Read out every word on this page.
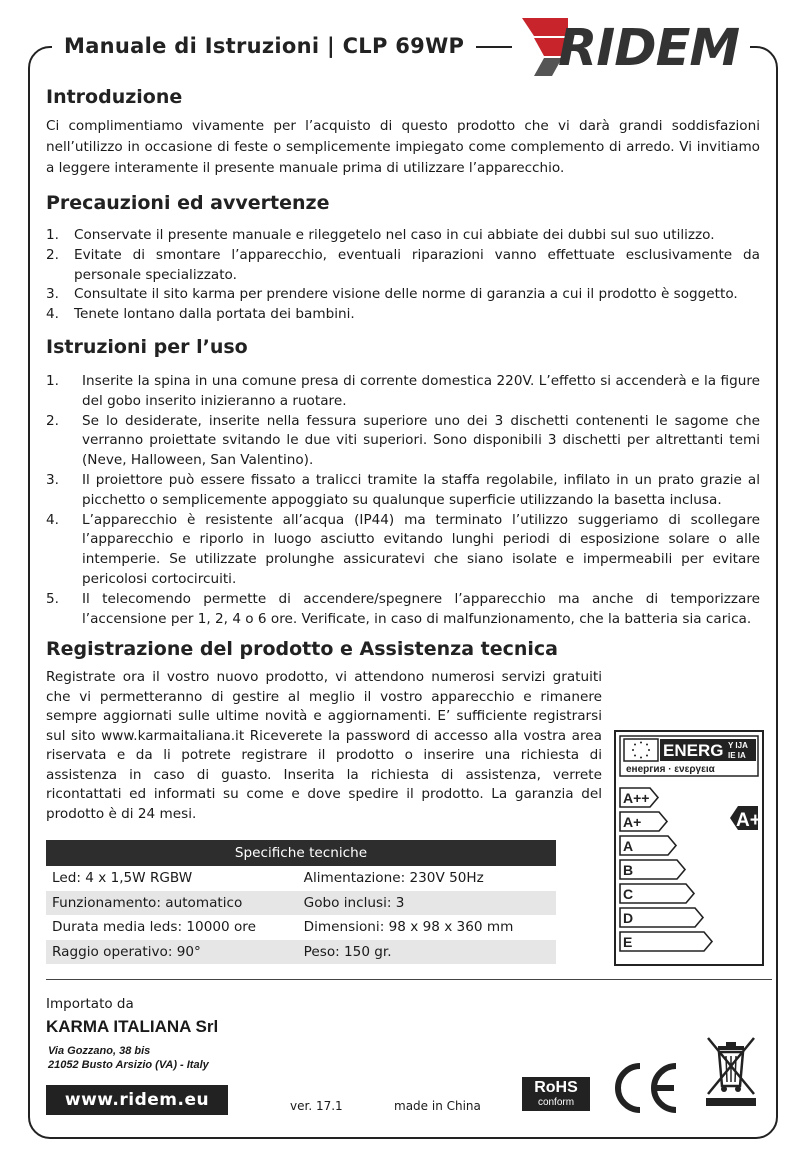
Manuale di Istruzioni | CLP 69WP RIDEM
Introduzione

Ci complimentiamo vivamente per l’acquisto di questo prodotto che vi darà grandi soddisfazioni nell’utilizzo in occasione di feste o semplicemente impiegato come complemento di arredo. Vi invitiamo a leggere interamente il presente manuale prima di utilizzare l’apparecchio.

Precauzioni ed avvertenze
1. Conservate il presente manuale e rileggetelo nel caso in cui abbiate dei dubbi sul suo utilizzo.
2. Evitate di smontare l’apparecchio, eventuali riparazioni vanno effettuate esclusivamente da personale specializzato.
3. Consultate il sito karma per prendere visione delle norme di garanzia a cui il prodotto è soggetto.
4. Tenete lontano dalla portata dei bambini.
Istruzioni per l’uso
1. Inserite la spina in una comune presa di corrente domestica 220V. L’effetto si accenderà e la figure del gobo inserito inizieranno a ruotare.
2. Se lo desiderate, inserite nella fessura superiore uno dei 3 dischetti contenenti le sagome che verranno proiettate svitando le due viti superiori. Sono disponibili 3 dischetti per altrettanti temi (Neve, Halloween, San Valentino).
3. Il proiettore può essere fissato a tralicci tramite la staffa regolabile, infilato in un prato grazie al picchetto o semplicemente appoggiato su qualunque superficie utilizzando la basetta inclusa.
4. L’apparecchio è resistente all’acqua (IP44) ma terminato l’utilizzo suggeriamo di scollegare l’apparecchio e riporlo in luogo asciutto evitando lunghi periodi di esposizione solare o alle intemperie. Se utilizzate prolunghe assicuratevi che siano isolate e impermeabili per evitare pericolosi cortocircuiti.
5. Il telecomendo permette di accendere/spegnere l’apparecchio ma anche di temporizzare l’accensione per 1, 2, 4 o 6 ore. Verificate, in caso di malfunzionamento, che la batteria sia carica.
Registrazione del prodotto e Assistenza tecnica

Registrate ora il vostro nuovo prodotto, vi attendono numerosi servizi gratuiti che vi permetteranno di gestire al meglio il vostro apparecchio e rimanere sempre aggiornati sulle ultime novità e aggiornamenti. E’ sufficiente registrarsi sul sito www.karmaitaliana.it Riceverete la password di accesso alla vostra area riservata e da li potrete registrare il prodotto o inserire una richiesta di assistenza in caso di guasto. Inserita la richiesta di assistenza, verrete ricontattati ed informati su come e dove spedire il prodotto. La garanzia del prodotto è di 24 mesi.

Specifiche tecniche	
Led: 4 x 1,5W RGBW	Alimentazione: 230V 50Hz
Funzionamento: automatico	Gobo inclusi: 3
Durata media leds: 10000 ore	Dimensioni: 98 x 98 x 360 mm
Raggio operativo: 90°	Peso: 150 gr.
ENERG Y IJA
IE IA
енергия · ενεργεια
A++
A+
A
B
C
D
E
A+
Importato da
KARMA ITALIANA Srl
Via Gozzano, 38 bis
21052 Busto Arsizio (VA) - Italy
www.ridem.eu	ver. 17.1	made in China
RoHS
conform
